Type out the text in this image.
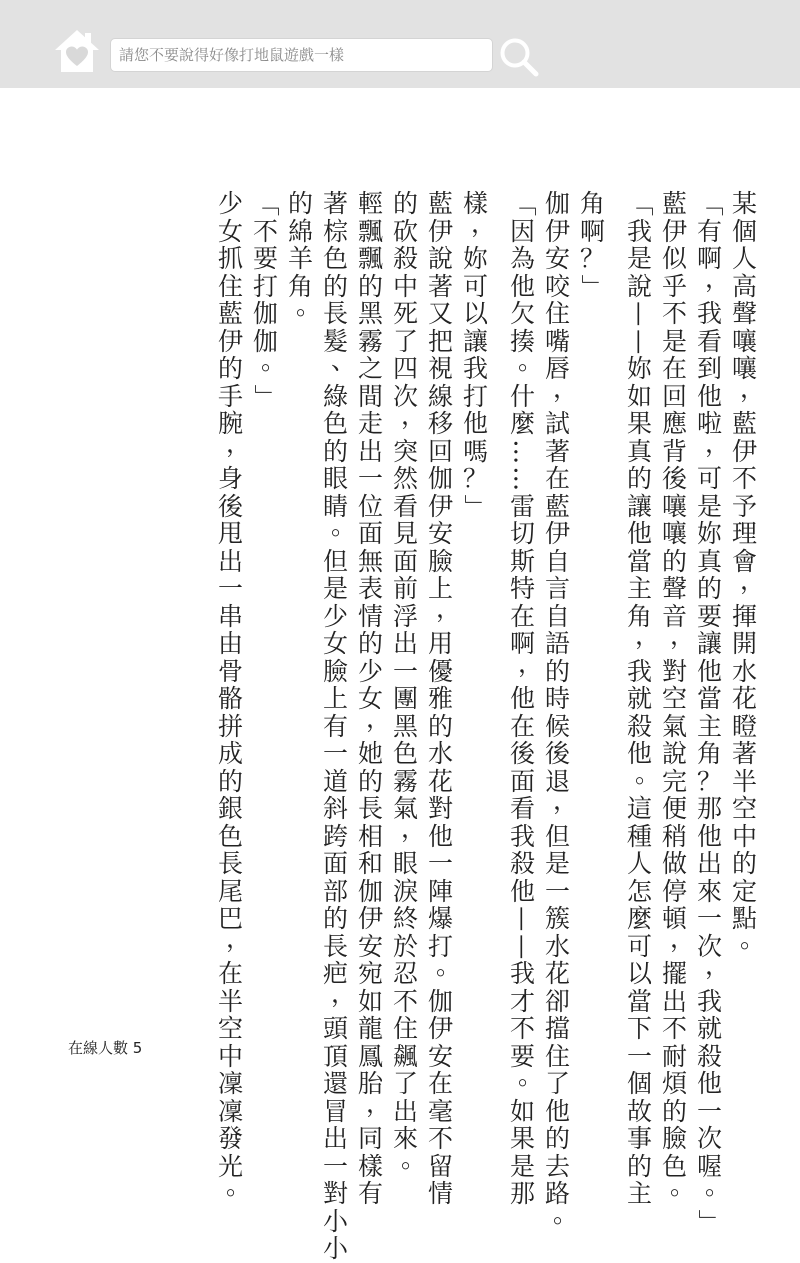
請您不要說得好像打地鼠遊戲一樣
某
個
人
高
聲
嚷
嚷
，
藍
伊
不
予
理
會
，
揮
開
水
花
瞪
著
半
空
中
的
定
點
。
「
有
啊
，
我
看
到
他
啦
，
可
是
妳
真
的
要
讓
他
當
主
角
？
那
他
出
來
一
次
，
我
就
殺
他
一
次
喔
。
」
藍
伊
似
乎
不
是
在
回
應
背
後
嚷
嚷
的
聲
音
，
對
空
氣
說
完
便
稍
做
停
頓
，
擺
出
不
耐
煩
的
臉
色
。
「
我
是
說
—
—
妳
如
果
真
的
讓
他
當
主
角
，
我
就
殺
他
。
這
種
人
怎
麼
可
以
當
下
一
個
故
事
的
主
角
啊
？
」
伽
伊
安
咬
住
嘴
唇
，
試
著
在
藍
伊
自
言
自
語
的
時
候
後
退
，
但
是
一
簇
水
花
卻
擋
住
了
他
的
去
路
。
「
因
為
他
欠
揍
。
什
麼
…
…
雷
切
斯
特
在
啊
，
他
在
後
面
看
我
殺
他
—
—
我
才
不
要
。
如
果
是
那
樣
，
妳
可
以
讓
我
打
他
嗎
？
」
藍
伊
說
著
又
把
視
線
移
回
伽
伊
安
臉
上
，
用
優
雅
的
水
花
對
他
一
陣
爆
打
。
伽
伊
安
在
毫
不
留
情
的
砍
殺
中
死
了
四
次
，
突
然
看
見
面
前
浮
出
一
團
黑
色
霧
氣
，
眼
淚
終
於
忍
不
住
飆
了
出
來
。
輕
飄
飄
的
黑
霧
之
間
走
出
一
位
面
無
表
情
的
少
女
，
她
的
長
相
和
伽
伊
安
宛
如
龍
鳳
胎
，
同
樣
有
著
棕
色
的
長
髮
、
綠
色
的
眼
睛
。
但
是
少
女
臉
上
有
一
道
斜
跨
面
部
的
長
疤
，
頭
頂
還
冒
出
一
對
小
小
的
綿
羊
角
。
「
不
要
打
伽
伽
。
」
少
女
抓
住
藍
伊
的
手
腕
，
身
後
甩
出
一
串
由
骨
骼
拼
成
的
銀
色
長
尾
巴
，
在
半
空
中
凜
凜
發
光
。
在線人數 5
